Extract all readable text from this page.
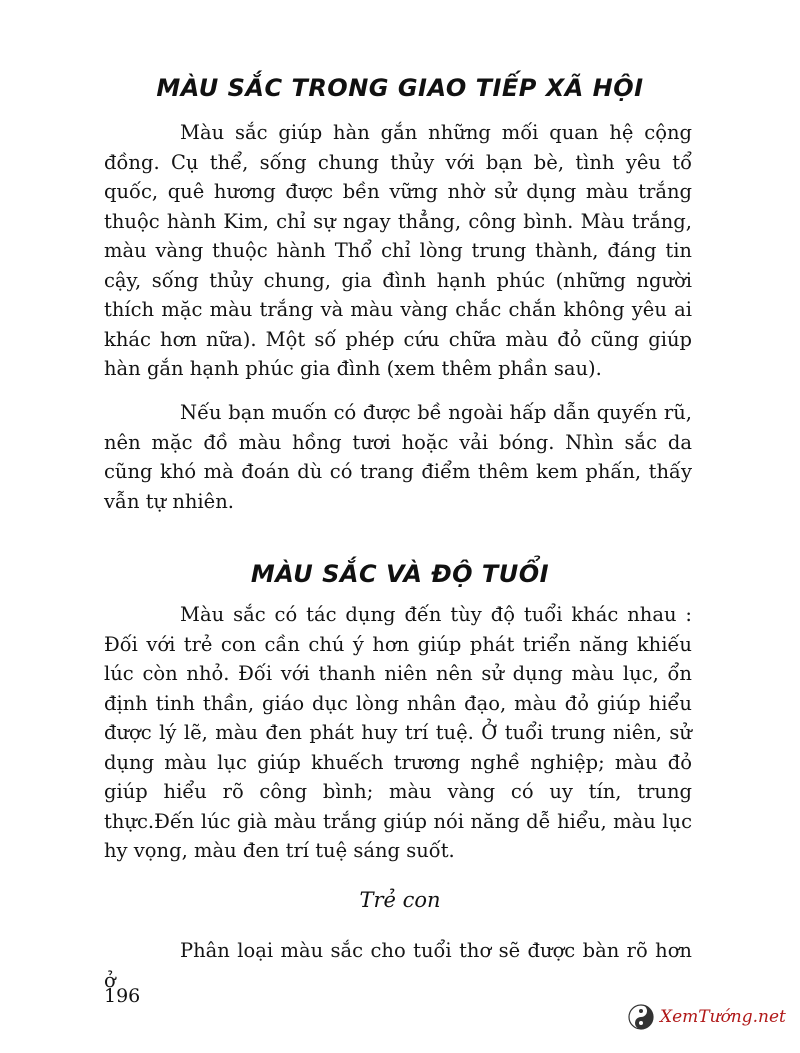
MÀU SẮC TRONG GIAO TIẾP XÃ HỘI

Màu sắc giúp hàn gắn những mối quan hệ cộng đồng. Cụ thể, sống chung thủy với bạn bè, tình yêu tổ quốc, quê hương được bền vững nhờ sử dụng màu trắng thuộc hành Kim, chỉ sự ngay thẳng, công bình. Màu trắng, màu vàng thuộc hành Thổ chỉ lòng trung thành, đáng tin cậy, sống thủy chung, gia đình hạnh phúc (những người thích mặc màu trắng và màu vàng chắc chắn không yêu ai khác hơn nữa). Một số phép cứu chữa màu đỏ cũng giúp hàn gắn hạnh phúc gia đình (xem thêm phần sau).

Nếu bạn muốn có được bề ngoài hấp dẫn quyến rũ, nên mặc đồ màu hồng tươi hoặc vải bóng. Nhìn sắc da cũng khó mà đoán dù có trang điểm thêm kem phấn, thấy vẫn tự nhiên.

MÀU SẮC VÀ ĐỘ TUỔI

Màu sắc có tác dụng đến tùy độ tuổi khác nhau : Đối với trẻ con cần chú ý hơn giúp phát triển năng khiếu lúc còn nhỏ. Đối với thanh niên nên sử dụng màu lục, ổn định tinh thần, giáo dục lòng nhân đạo, màu đỏ giúp hiểu được lý lẽ, màu đen phát huy trí tuệ. Ở tuổi trung niên, sử dụng màu lục giúp khuếch trương nghề nghiệp; màu đỏ giúp hiểu rõ công bình; màu vàng có uy tín, trung thực.Đến lúc già màu trắng giúp nói năng dễ hiểu, màu lục hy vọng, màu đen trí tuệ sáng suốt.

Trẻ con

Phân loại màu sắc cho tuổi thơ sẽ được bàn rõ hơn ở

196
XemTướng.net
